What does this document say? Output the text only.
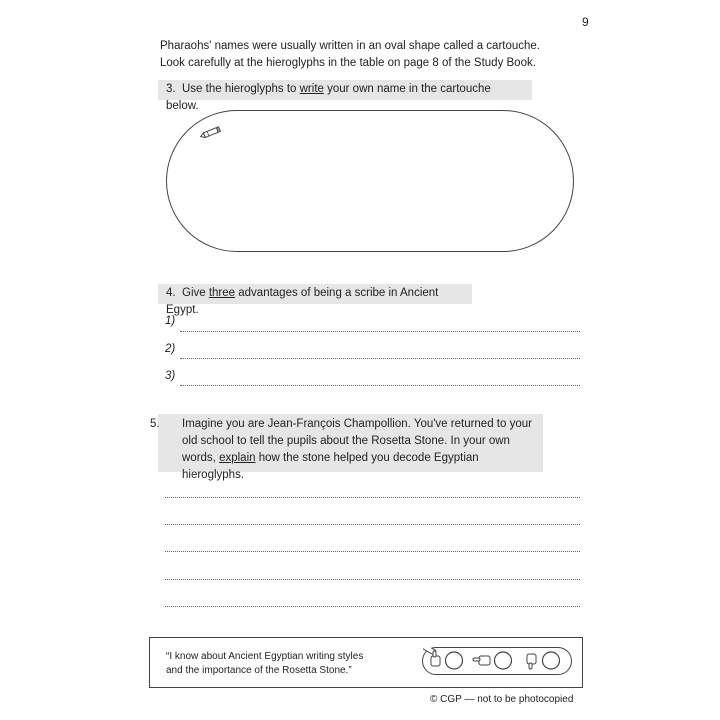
9
Pharaohs' names were usually written in an oval shape called a cartouche.
Look carefully at the hieroglyphs in the table on page 8 of the Study Book.
3. Use the hieroglyphs to write your own name in the cartouche below.
4. Give three advantages of being a scribe in Ancient Egypt.
1)
2)
3)
5. Imagine you are Jean-François Champollion. You've returned to your
old school to tell the pupils about the Rosetta Stone. In your own
words, explain how the stone helped you decode Egyptian hieroglyphs.
“I know about Ancient Egyptian writing styles
and the importance of the Rosetta Stone.”
© CGP — not to be photocopied
